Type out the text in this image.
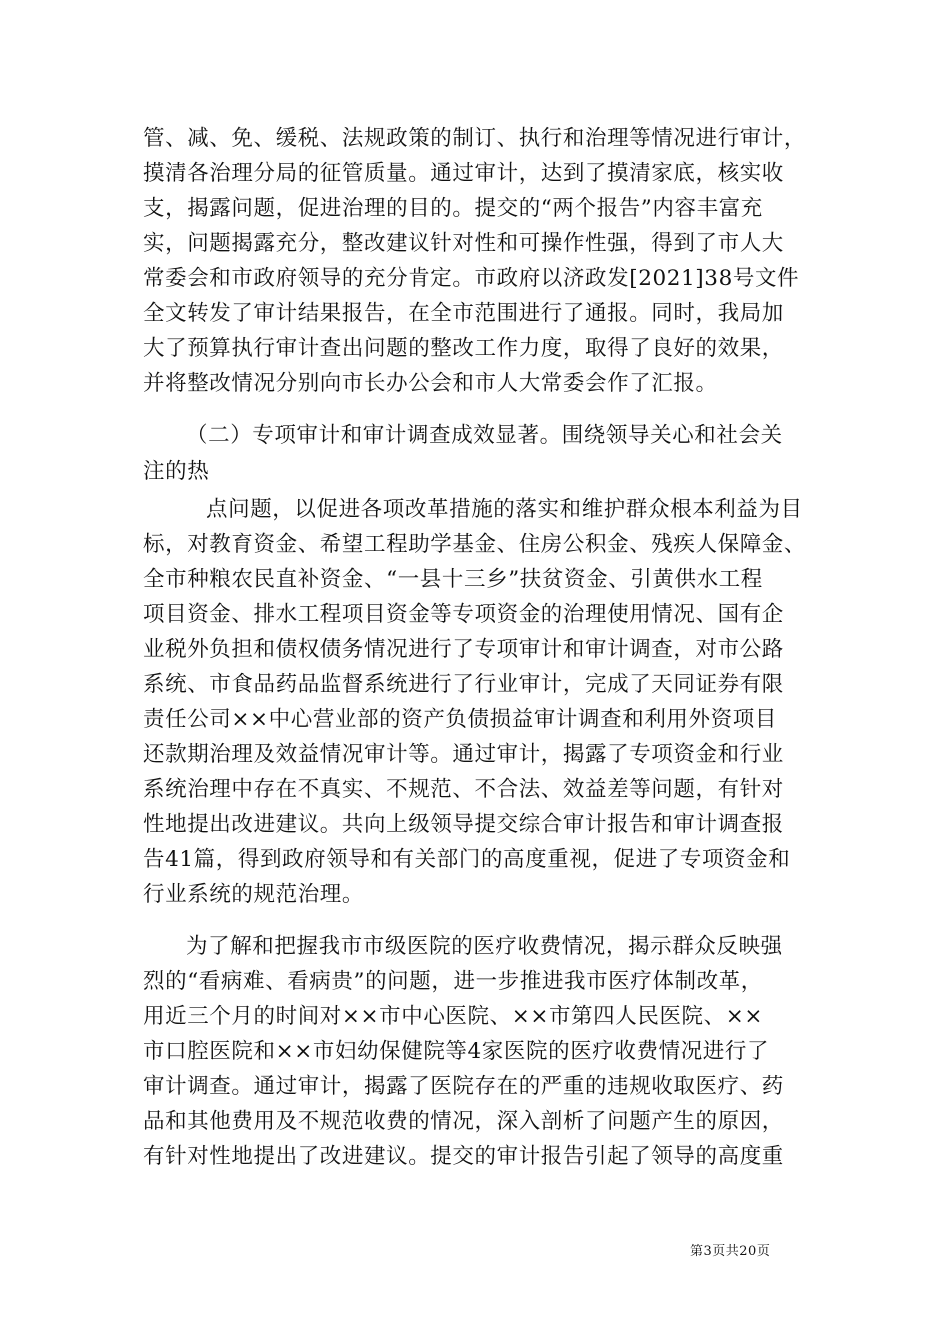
管、减、免、缓税、法规政策的制订、执行和治理等情况进行审计，
摸清各治理分局的征管质量。通过审计，达到了摸清家底，核实收
支，揭露问题，促进治理的目的。提交的“两个报告”内容丰富充
实，问题揭露充分，整改建议针对性和可操作性强，得到了市人大
常委会和市政府领导的充分肯定。市政府以济政发[2021]38号文件
全文转发了审计结果报告，在全市范围进行了通报。同时，我局加
大了预算执行审计查出问题的整改工作力度，取得了良好的效果，
并将整改情况分别向市长办公会和市人大常委会作了汇报。
（二）专项审计和审计调查成效显著。围绕领导关心和社会关
注的热
点问题，以促进各项改革措施的落实和维护群众根本利益为目
标，对教育资金、希望工程助学基金、住房公积金、残疾人保障金、
全市种粮农民直补资金、“一县十三乡”扶贫资金、引黄供水工程
项目资金、排水工程项目资金等专项资金的治理使用情况、国有企
业税外负担和债权债务情况进行了专项审计和审计调查，对市公路
系统、市食品药品监督系统进行了行业审计，完成了天同证券有限
责任公司××中心营业部的资产负债损益审计调查和利用外资项目
还款期治理及效益情况审计等。通过审计，揭露了专项资金和行业
系统治理中存在不真实、不规范、不合法、效益差等问题，有针对
性地提出改进建议。共向上级领导提交综合审计报告和审计调查报
告41篇，得到政府领导和有关部门的高度重视，促进了专项资金和
行业系统的规范治理。
为了解和把握我市市级医院的医疗收费情况，揭示群众反映强
烈的“看病难、看病贵”的问题，进一步推进我市医疗体制改革，
用近三个月的时间对××市中心医院、××市第四人民医院、××
市口腔医院和××市妇幼保健院等4家医院的医疗收费情况进行了
审计调查。通过审计，揭露了医院存在的严重的违规收取医疗、药
品和其他费用及不规范收费的情况，深入剖析了问题产生的原因，
有针对性地提出了改进建议。提交的审计报告引起了领导的高度重
第3页共20页
